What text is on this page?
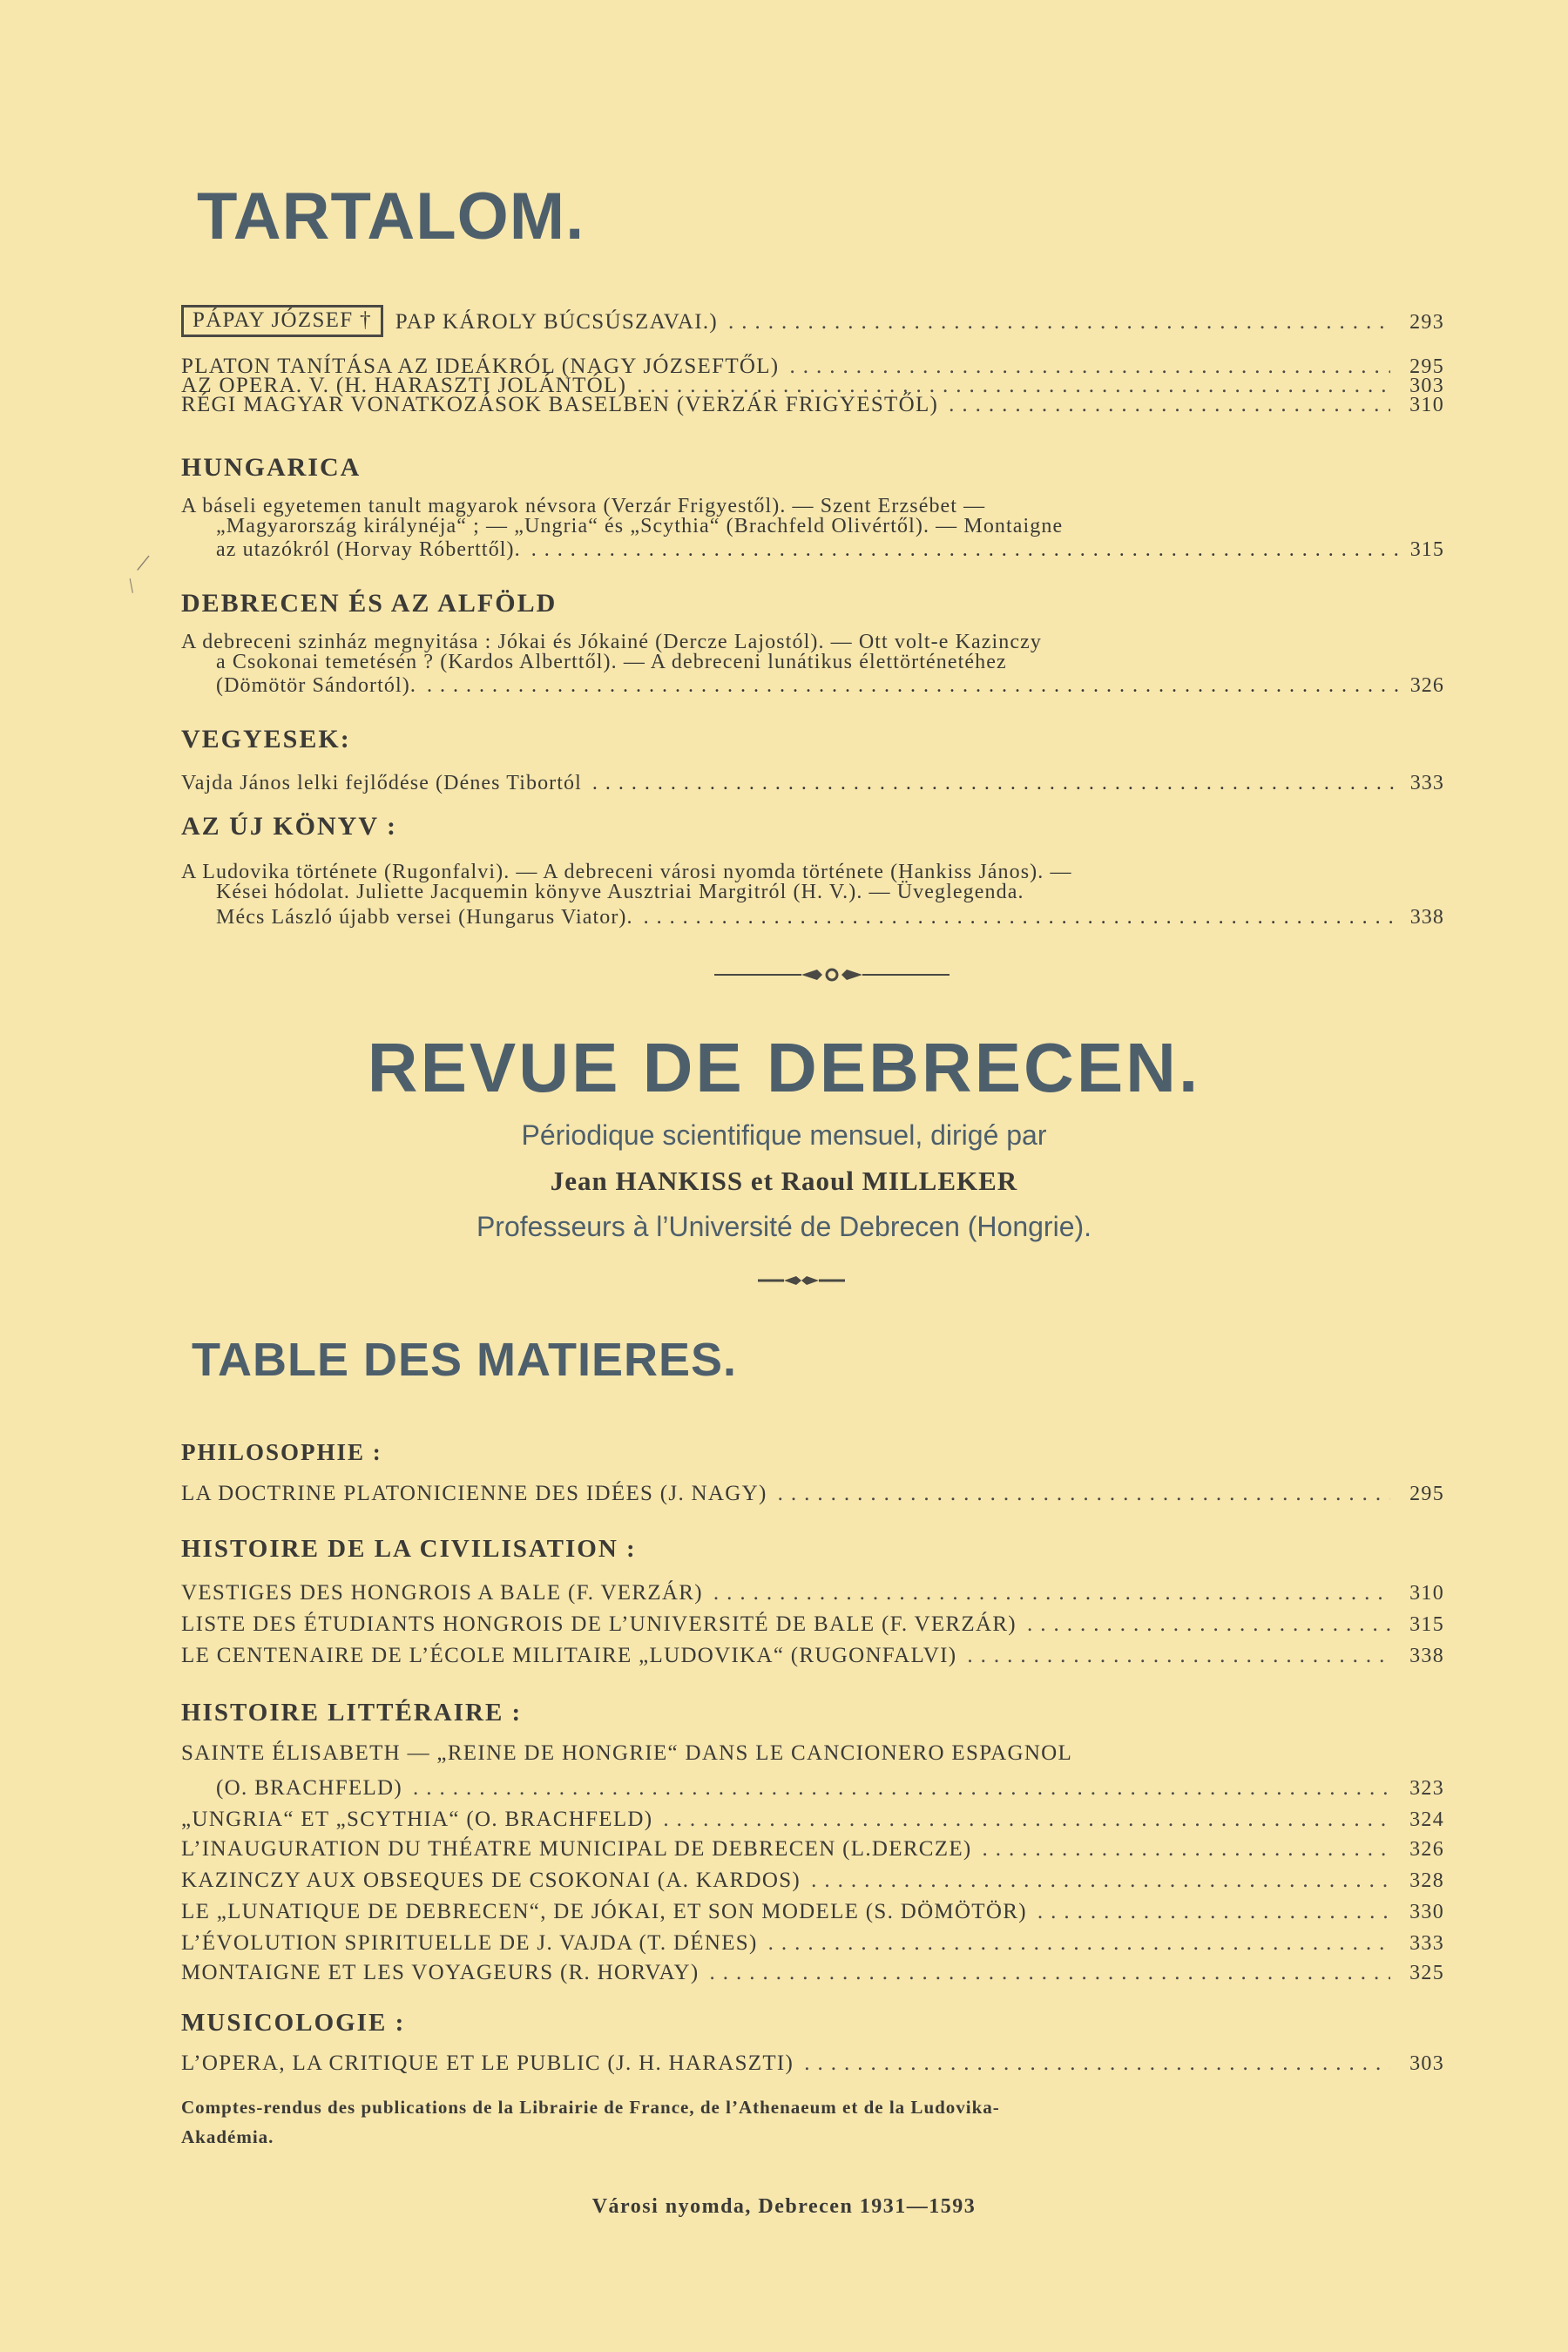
TARTALOM.
PÁPAY JÓZSEF † PAP KÁROLY BÚCSÚSZAVAI.) .....	293
PLATON TANÍTÁSA AZ IDEÁKRÓL (NAGY JÓZSEFTŐL) .....	295
AZ OPERA. V. (H. HARASZTI JOLÁNTÓL) .....	303
RÉGI MAGYAR VONATKOZÁSOK BASELBEN (VERZÁR FRIGYESTŐL) .....	310
HUNGARICA
A báseli egyetemen tanult magyarok névsora (Verzár Frigyestől). — Szent Erzsébet —
„Magyarország királynéja“ ; — „Ungria“ és „Scythia“ (Brachfeld Olivértől). — Montaigne
az utazókról (Horvay Róberttől). .....	315
DEBRECEN ÉS AZ ALFÖLD
A debreceni szinház megnyitása : Jókai és Jókainé (Dercze Lajostól). — Ott volt-e Kazinczy
a Csokonai temetésén ? (Kardos Alberttől). — A debreceni lunátikus élettörténetéhez
(Dömötör Sándortól). .....	326
VEGYESEK:
Vajda János lelki fejlődése (Dénes Tibortól .....	333
AZ ÚJ KÖNYV :
A Ludovika története (Rugonfalvi). — A debreceni városi nyomda története (Hankiss János). —
Kései hódolat. Juliette Jacquemin könyve Ausztriai Margitról (H. V.). — Üveglegenda.
Mécs László újabb versei (Hungarus Viator). .....	338
REVUE DE DEBRECEN.
Périodique scientifique mensuel, dirigé par
Jean HANKISS et Raoul MILLEKER
Professeurs à l’Université de Debrecen (Hongrie).
TABLE DES MATIERES.
PHILOSOPHIE :
LA DOCTRINE PLATONICIENNE DES IDÉES (J. NAGY) .....	295
HISTOIRE DE LA CIVILISATION :
VESTIGES DES HONGROIS A BALE (F. VERZÁR) .....	310
LISTE DES ÉTUDIANTS HONGROIS DE L’UNIVERSITÉ DE BALE (F. VERZÁR) .....	315
LE CENTENAIRE DE L’ÉCOLE MILITAIRE „LUDOVIKA“ (RUGONFALVI) .....	338
HISTOIRE LITTÉRAIRE :
SAINTE ÉLISABETH — „REINE DE HONGRIE“ DANS LE CANCIONERO ESPAGNOL
(O. BRACHFELD) .....	323
„UNGRIA“ ET „SCYTHIA“ (O. BRACHFELD) .....	324
L’INAUGURATION DU THÉATRE MUNICIPAL DE DEBRECEN (L.DERCZE) .....	326
KAZINCZY AUX OBSEQUES DE CSOKONAI (A. KARDOS) .....	328
LE „LUNATIQUE DE DEBRECEN“, DE JÓKAI, ET SON MODELE (S. DÖMÖTÖR) .....	330
L’ÉVOLUTION SPIRITUELLE DE J. VAJDA (T. DÉNES) .....	333
MONTAIGNE ET LES VOYAGEURS (R. HORVAY) .....	325
MUSICOLOGIE :
L’OPERA, LA CRITIQUE ET LE PUBLIC (J. H. HARASZTI) .....	303
Comptes-rendus des publications de la Librairie de France, de l’Athenaeum et de la Ludovika-
Akadémia.
Városi nyomda, Debrecen 1931—1593
/
/
